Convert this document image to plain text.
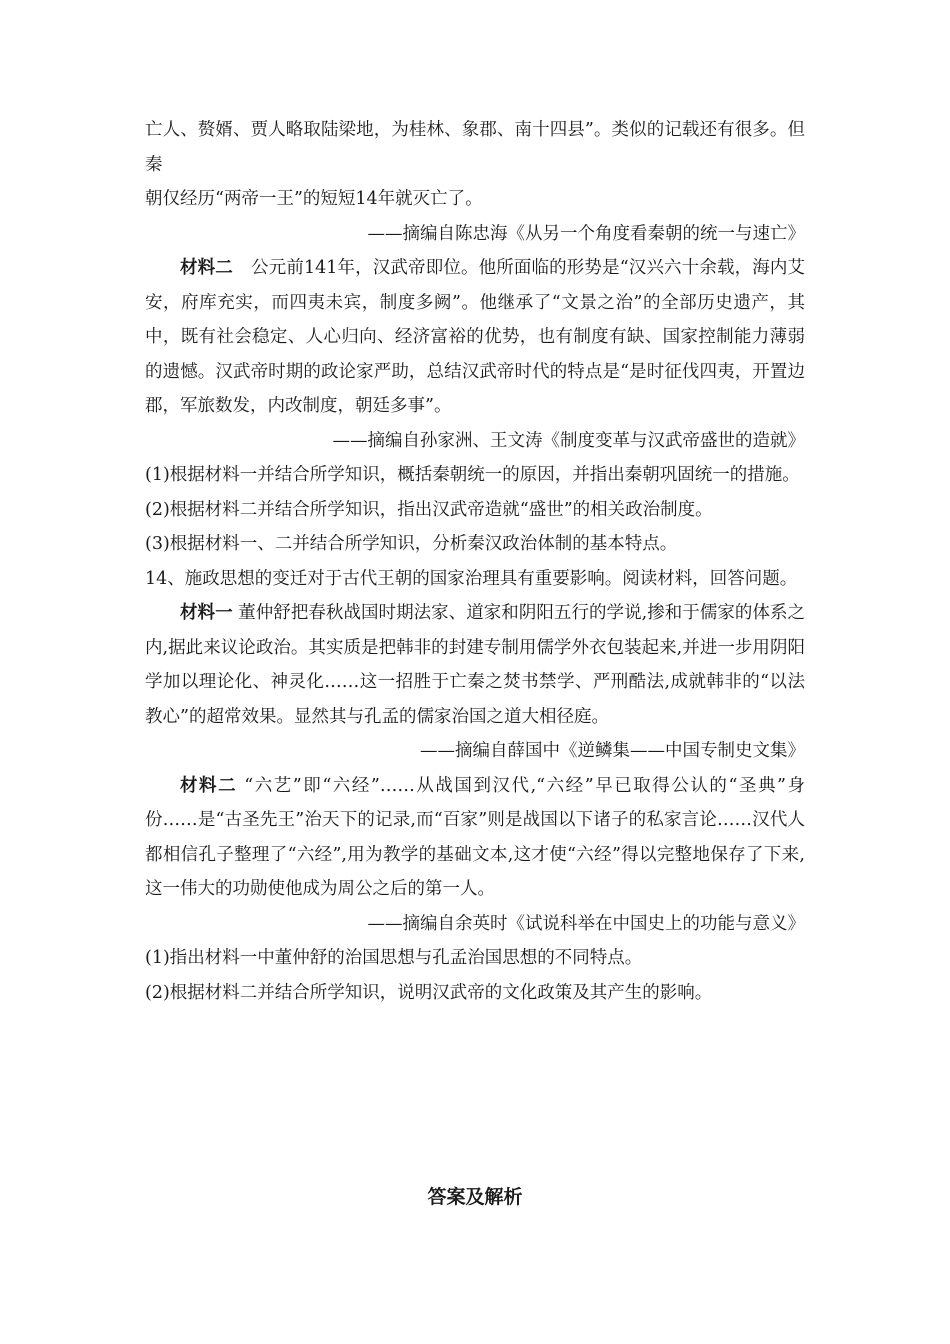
亡人、赘婿、贾人略取陆梁地，为桂林、象郡、南十四县”。类似的记载还有很多。但秦

朝仅经历“两帝一王”的短短14年就灭亡了。

——摘编自陈忠海《从另一个角度看秦朝的统一与速亡》

材料二 公元前141年，汉武帝即位。他所面临的形势是“汉兴六十余载，海内艾安，府库充实，而四夷未宾，制度多阙”。他继承了“文景之治”的全部历史遗产，其中，既有社会稳定、人心归向、经济富裕的优势，也有制度有缺、国家控制能力薄弱的遗憾。汉武帝时期的政论家严助，总结汉武帝时代的特点是“是时征伐四夷，开置边郡，军旅数发，内改制度，朝廷多事”。

——摘编自孙家洲、王文涛《制度变革与汉武帝盛世的造就》

(1)根据材料一并结合所学知识，概括秦朝统一的原因，并指出秦朝巩固统一的措施。

(2)根据材料二并结合所学知识，指出汉武帝造就“盛世”的相关政治制度。

(3)根据材料一、二并结合所学知识，分析秦汉政治体制的基本特点。

14、施政思想的变迁对于古代王朝的国家治理具有重要影响。阅读材料，回答问题。

材料一 董仲舒把春秋战国时期法家、道家和阴阳五行的学说,掺和于儒家的体系之内,据此来议论政治。其实质是把韩非的封建专制用儒学外衣包装起来,并进一步用阴阳学加以理论化、神灵化……这一招胜于亡秦之焚书禁学、严刑酷法,成就韩非的“以法教心”的超常效果。显然其与孔孟的儒家治国之道大相径庭。

——摘编自薛国中《逆鳞集——中国专制史文集》

材料二 “六艺”即“六经”……从战国到汉代,“六经”早已取得公认的“圣典”身份……是“古圣先王”治天下的记录,而“百家”则是战国以下诸子的私家言论……汉代人都相信孔子整理了“六经”,用为教学的基础文本,这才使“六经”得以完整地保存了下来,这一伟大的功勋使他成为周公之后的第一人。

——摘编自余英时《试说科举在中国史上的功能与意义》

(1)指出材料一中董仲舒的治国思想与孔孟治国思想的不同特点。

(2)根据材料二并结合所学知识，说明汉武帝的文化政策及其产生的影响。

答案及解析
